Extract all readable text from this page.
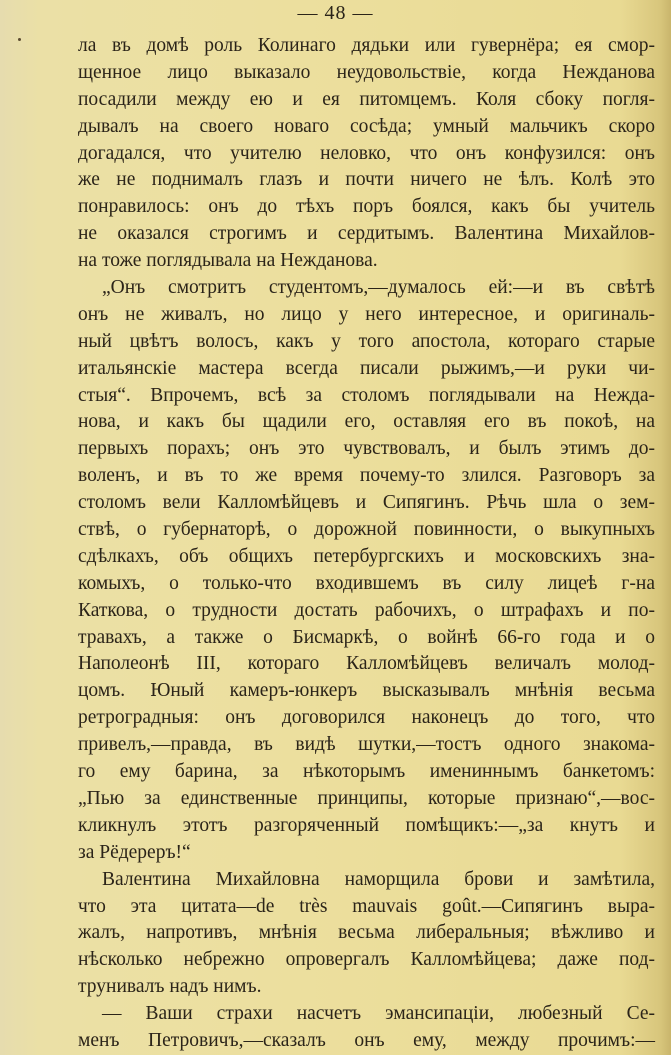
— 48 —
ла въ домѣ роль Колинаго дядьки или гувернёра; ея смор-
щенное лицо выказало неудовольствіе, когда Нежданова
посадили между ею и ея питомцемъ. Коля сбоку погля-
дывалъ на своего новаго сосѣда; умный мальчикъ скоро
догадался, что учителю неловко, что онъ конфузился: онъ
же не поднималъ глазъ и почти ничего не ѣлъ. Колѣ это
понравилось: онъ до тѣхъ поръ боялся, какъ бы учитель
не оказался строгимъ и сердитымъ. Валентина Михайлов-
на тоже поглядывала на Нежданова.
„Онъ смотритъ студентомъ,—думалось ей:—и въ свѣтѣ
онъ не живалъ, но лицо у него интересное, и оригиналь-
ный цвѣтъ волосъ, какъ у того апостола, котораго старые
итальянскіе мастера всегда писали рыжимъ,—и руки чи-
стыя“. Впрочемъ, всѣ за столомъ поглядывали на Нежда-
нова, и какъ бы щадили его, оставляя его въ покоѣ, на
первыхъ порахъ; онъ это чувствовалъ, и былъ этимъ до-
воленъ, и въ то же время почему-то злился. Разговоръ за
столомъ вели Калломѣйцевъ и Сипягинъ. Рѣчь шла о зем-
ствѣ, о губернаторѣ, о дорожной повинности, о выкупныхъ
сдѣлкахъ, объ общихъ петербургскихъ и московскихъ зна-
комыхъ, о только-что входившемъ въ силу лицеѣ г-на
Каткова, о трудности достать рабочихъ, о штрафахъ и по-
травахъ, а также о Бисмаркѣ, о войнѣ 66-го года и о
Наполеонѣ III, котораго Калломѣйцевъ величалъ молод-
цомъ. Юный камеръ-юнкеръ высказывалъ мнѣнія весьма
ретроградныя: онъ договорился наконецъ до того, что
привелъ,—правда, въ видѣ шутки,—тостъ одного знакома-
го ему барина, за нѣкоторымъ имениннымъ банкетомъ:
„Пью за единственные принципы, которые признаю“,—вос-
кликнулъ этотъ разгоряченный помѣщикъ:—„за кнутъ и
за Рёдереръ!“
Валентина Михайловна наморщила брови и замѣтила,
что эта цитата—de très mauvais goût.—Сипягинъ выра-
жалъ, напротивъ, мнѣнія весьма либеральныя; вѣжливо и
нѣсколько небрежно опровергалъ Калломѣйцева; даже под-
трунивалъ надъ нимъ.
— Ваши страхи насчетъ эмансипаціи, любезный Се-
менъ Петровичъ,—сказалъ онъ ему, между прочимъ:—
